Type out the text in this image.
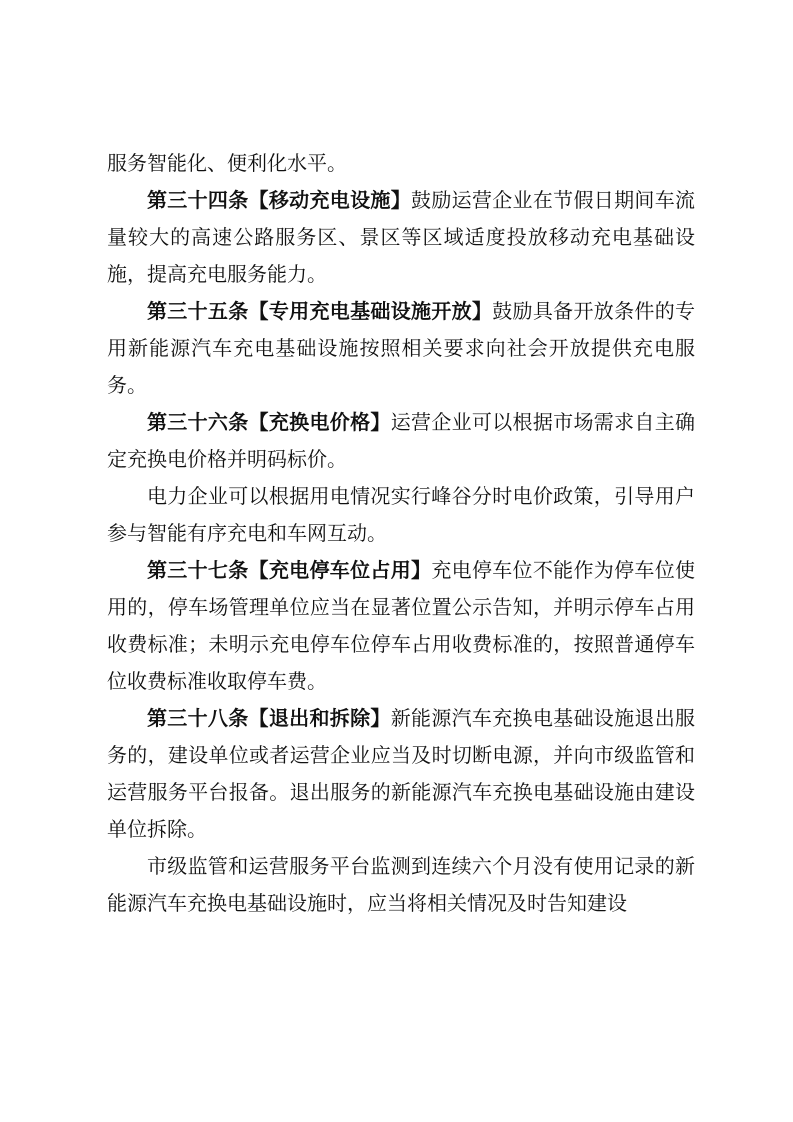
服务智能化、便利化水平。

第三十四条【移动充电设施】鼓励运营企业在节假日期间车流量较大的高速公路服务区、景区等区域适度投放移动充电基础设施，提高充电服务能力。

第三十五条【专用充电基础设施开放】鼓励具备开放条件的专用新能源汽车充电基础设施按照相关要求向社会开放提供充电服务。

第三十六条【充换电价格】运营企业可以根据市场需求自主确定充换电价格并明码标价。

电力企业可以根据用电情况实行峰谷分时电价政策，引导用户参与智能有序充电和车网互动。

第三十七条【充电停车位占用】充电停车位不能作为停车位使用的，停车场管理单位应当在显著位置公示告知，并明示停车占用收费标准；未明示充电停车位停车占用收费标准的，按照普通停车位收费标准收取停车费。

第三十八条【退出和拆除】新能源汽车充换电基础设施退出服务的，建设单位或者运营企业应当及时切断电源，并向市级监管和运营服务平台报备。退出服务的新能源汽车充换电基础设施由建设单位拆除。

市级监管和运营服务平台监测到连续六个月没有使用记录的新能源汽车充换电基础设施时，应当将相关情况及时告知建设
